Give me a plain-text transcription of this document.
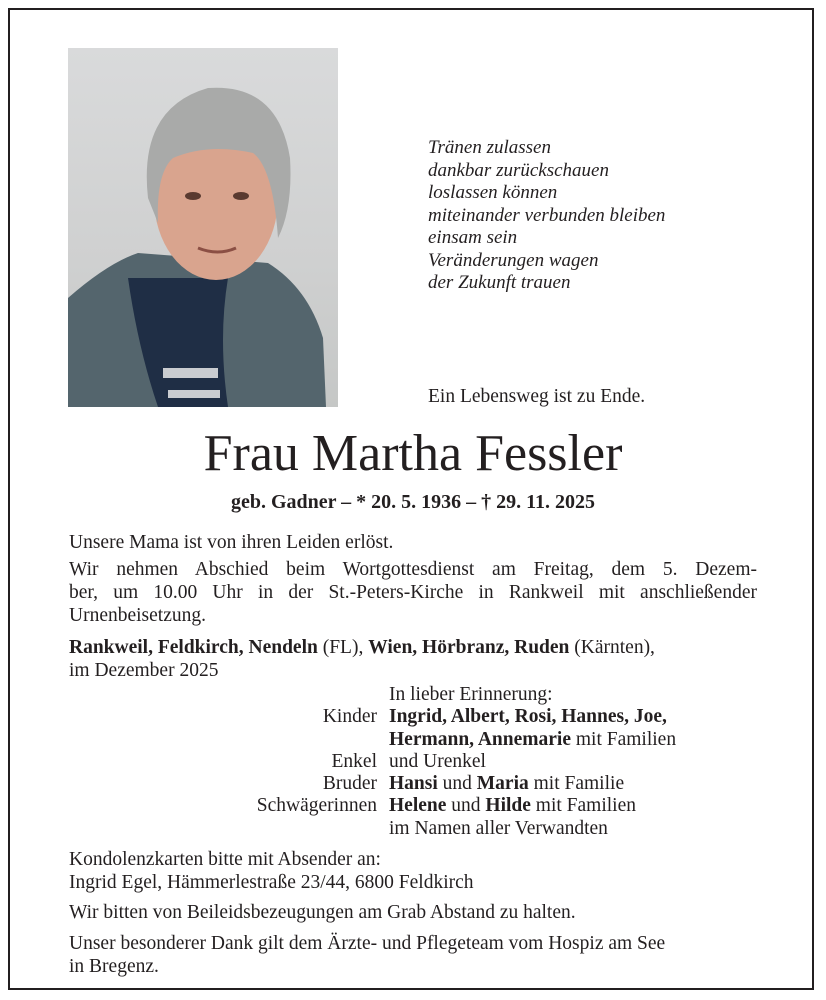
Tränen zulassen
dankbar zurückschauen
loslassen können
miteinander verbunden bleiben
einsam sein
Veränderungen wagen
der Zukunft trauen
Ein Lebensweg ist zu Ende.
Frau Martha Fessler
geb. Gadner – * 20. 5. 1936 – † 29. 11. 2025
Unsere Mama ist von ihren Leiden erlöst.
Wir nehmen Abschied beim Wortgottesdienst am Freitag, dem 5. Dezem-
ber, um 10.00 Uhr in der St.-Peters-Kirche in Rankweil mit anschließender
Urnenbeisetzung.
Rankweil, Feldkirch, Nendeln (FL), Wien, Hörbranz, Ruden (Kärnten),
im Dezember 2025
In lieber Erinnerung:
Kinder Ingrid, Albert, Rosi, Hannes, Joe,
Hermann, Annemarie mit Familien
Enkel und Urenkel
Bruder Hansi und Maria mit Familie
Schwägerinnen Helene und Hilde mit Familien
im Namen aller Verwandten
Kondolenzkarten bitte mit Absender an:
Ingrid Egel, Hämmerlestraße 23/44, 6800 Feldkirch
Wir bitten von Beileidsbezeugungen am Grab Abstand zu halten.
Unser besonderer Dank gilt dem Ärzte- und Pflegeteam vom Hospiz am See
in Bregenz.
